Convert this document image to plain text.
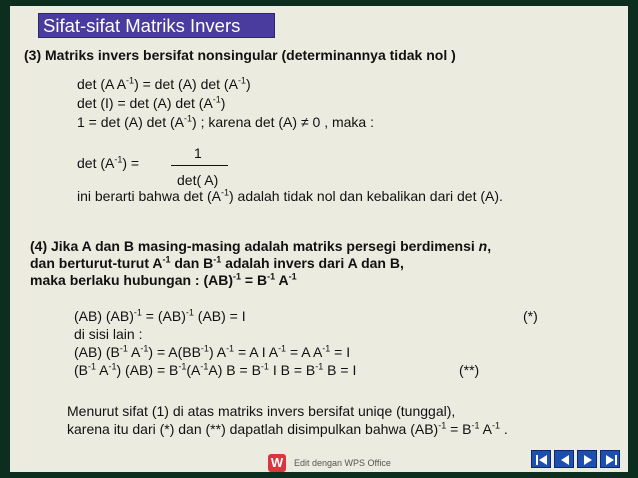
Sifat-sifat Matriks Invers
(3) Matriks invers bersifat nonsingular (determinannya tidak nol )
det (A $A^{-1}) = \det (A)$ $\det (A^{-1})$
det (I) = det (A) $\det (A^{-1})$
1 = det (A) $\det (A^{-1})$ ; karena det (A) ≠ 0 , maka :
1
$\det (A^{-1})$ =
det( A)
ini berarti bahwa $\det (A^{-1})$ adalah tidak nol dan kebalikan dari det (A).
(4) Jika A dan B masing-masing adalah matriks persegi berdimensi n,
dan berturut-turut $A^{-1}$ dan $B^{-1}$ adalah invers dari A dan B,
maka berlaku hubungan : $(AB)^{-1} = B^{-1}$ $A^{-1}$
(AB) (AB)$^{-1}$ = (AB)$^{-1}$ (AB) = I	(*)
di sisi lain :
(AB) ($B^{-1}$ $A^{-1}) = A(BB^{-1})$ $A^{-1} = A$ I $A^{-1} = A$ $A^{-1} = I$
($B^{-1}$ $A^{-1}$) $(AB) = B^{-1}(A^{-1}A) B = B^{-1}$ I $B = B^{-1}$ B = I	(**)
Menurut sifat (1) di atas matriks invers bersifat uniqe (tunggal),
karena itu dari (*) dan (**) dapatlah disimpulkan bahwa $(AB)^{-1} = B^{-1}$ $A^{-1}$ .
W	Edit dengan WPS Office
